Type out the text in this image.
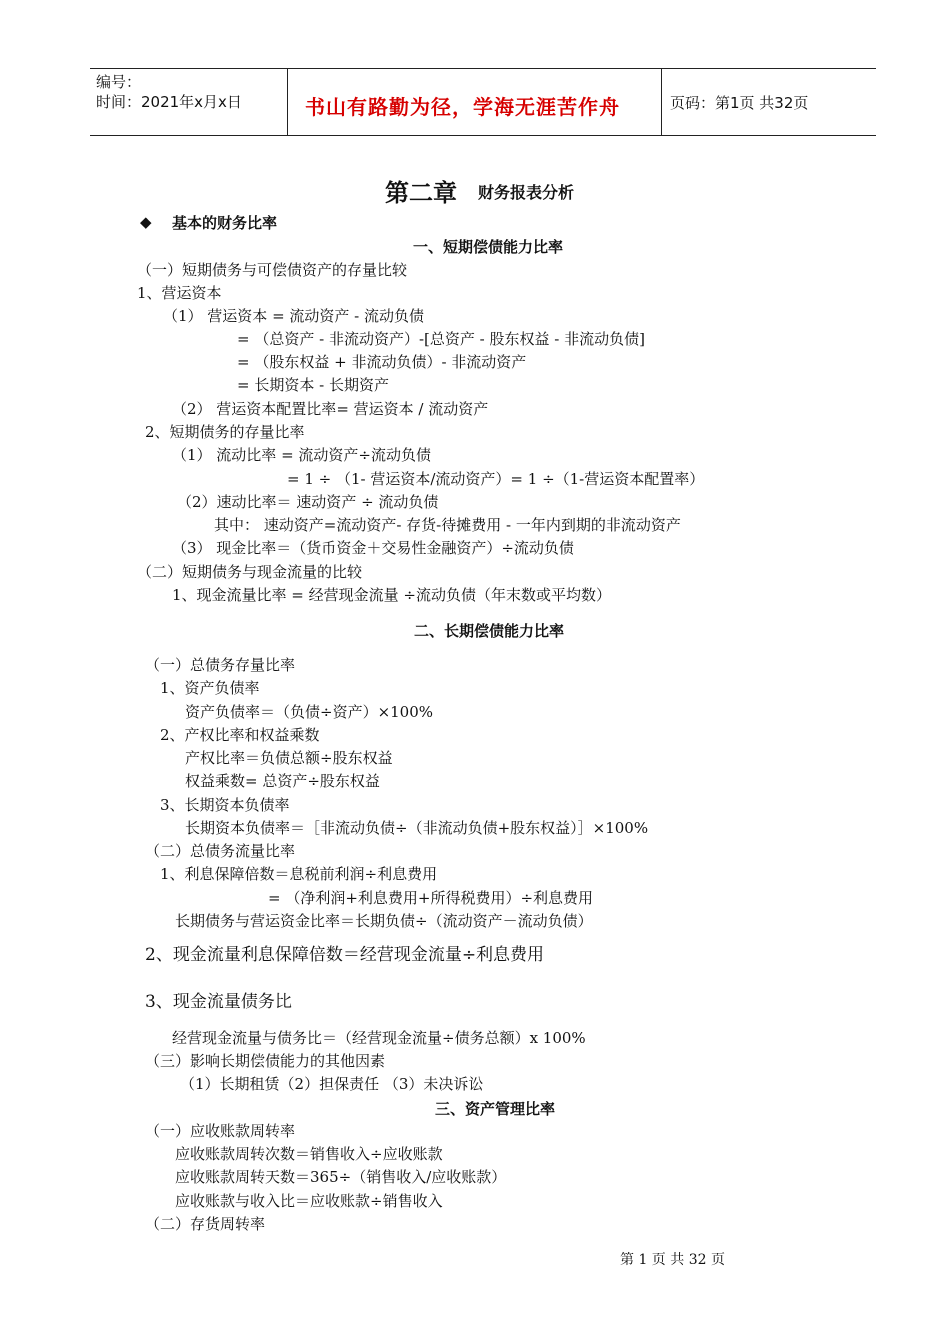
编号：
时间：2021年x月x日	书山有路勤为径，学海无涯苦作舟	页码：第1页 共32页
第二章 财务报表分析
◆ 基本的财务比率
一、短期偿债能力比率
（一）短期债务与可偿债资产的存量比较
1、营运资本
（1） 营运资本 = 流动资产 - 流动负债
= （总资产 - 非流动资产）-[总资产 - 股东权益 - 非流动负债]
= （股东权益 + 非流动负债）- 非流动资产
= 长期资本 - 长期资产
（2） 营运资本配置比率= 营运资本 / 流动资产
2、短期债务的存量比率
（1） 流动比率 = 流动资产÷流动负债
= 1 ÷ （1- 营运资本/流动资产）= 1 ÷（1-营运资本配置率）
（2）速动比率＝ 速动资产 ÷ 流动负债
其中： 速动资产=流动资产- 存货-待摊费用 - 一年内到期的非流动资产
（3） 现金比率＝（货币资金＋交易性金融资产）÷流动负债
（二）短期债务与现金流量的比较
1、现金流量比率 = 经营现金流量 ÷流动负债（年末数或平均数）
二、长期偿债能力比率
（一）总债务存量比率
1、资产负债率
资产负债率＝（负债÷资产）×100%
2、产权比率和权益乘数
产权比率＝负债总额÷股东权益
权益乘数= 总资产÷股东权益
3、长期资本负债率
长期资本负债率＝［非流动负债÷（非流动负债+股东权益）］×100%
（二）总债务流量比率
1、利息保障倍数＝息税前利润÷利息费用
= （净利润+利息费用+所得税费用）÷利息费用
长期债务与营运资金比率＝长期负债÷（流动资产－流动负债）
2、现金流量利息保障倍数＝经营现金流量÷利息费用
3、现金流量债务比
经营现金流量与债务比＝（经营现金流量÷债务总额）x 100%
（三）影响长期偿债能力的其他因素
（1）长期租赁（2）担保责任 （3）未决诉讼
三、资产管理比率
（一）应收账款周转率
应收账款周转次数＝销售收入÷应收账款
应收账款周转天数＝365÷（销售收入/应收账款）
应收账款与收入比＝应收账款÷销售收入
（二）存货周转率
第 1 页 共 32 页
